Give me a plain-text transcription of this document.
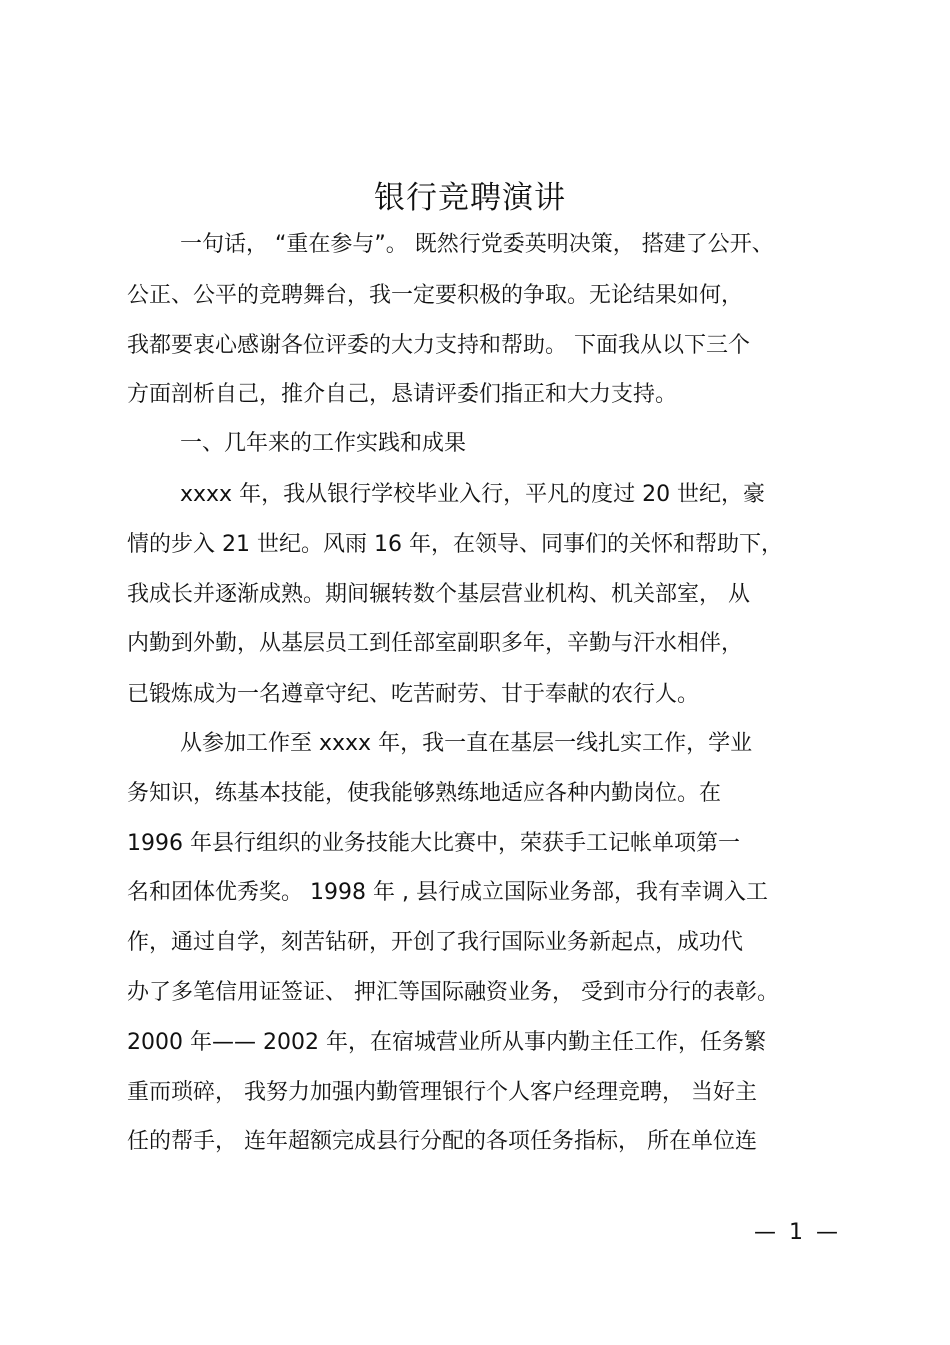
银行竞聘演讲
一句话， “重在参与”。 既然行党委英明决策， 搭建了公开、
公正、公平的竞聘舞台，我一定要积极的争取。无论结果如何，
我都要衷心感谢各位评委的大力支持和帮助。 下面我从以下三个
方面剖析自己，推介自己，恳请评委们指正和大力支持。
一、几年来的工作实践和成果
xxxx 年，我从银行学校毕业入行，平凡的度过 20 世纪，豪
情的步入 21 世纪。风雨 16 年，在领导、同事们的关怀和帮助下，
我成长并逐渐成熟。期间辗转数个基层营业机构、机关部室， 从
内勤到外勤，从基层员工到任部室副职多年，辛勤与汗水相伴，
已锻炼成为一名遵章守纪、吃苦耐劳、甘于奉献的农行人。
从参加工作至 xxxx 年，我一直在基层一线扎实工作，学业
务知识，练基本技能，使我能够熟练地适应各种内勤岗位。在
1996 年县行组织的业务技能大比赛中，荣获手工记帐单项第一
名和团体优秀奖。 1998 年 , 县行成立国际业务部，我有幸调入工
作，通过自学，刻苦钻研，开创了我行国际业务新起点，成功代
办了多笔信用证签证、 押汇等国际融资业务， 受到市分行的表彰。
2000 年—— 2002 年，在宿城营业所从事内勤主任工作，任务繁
重而琐碎， 我努力加强内勤管理银行个人客户经理竞聘， 当好主
任的帮手， 连年超额完成县行分配的各项任务指标， 所在单位连
— 1 —
